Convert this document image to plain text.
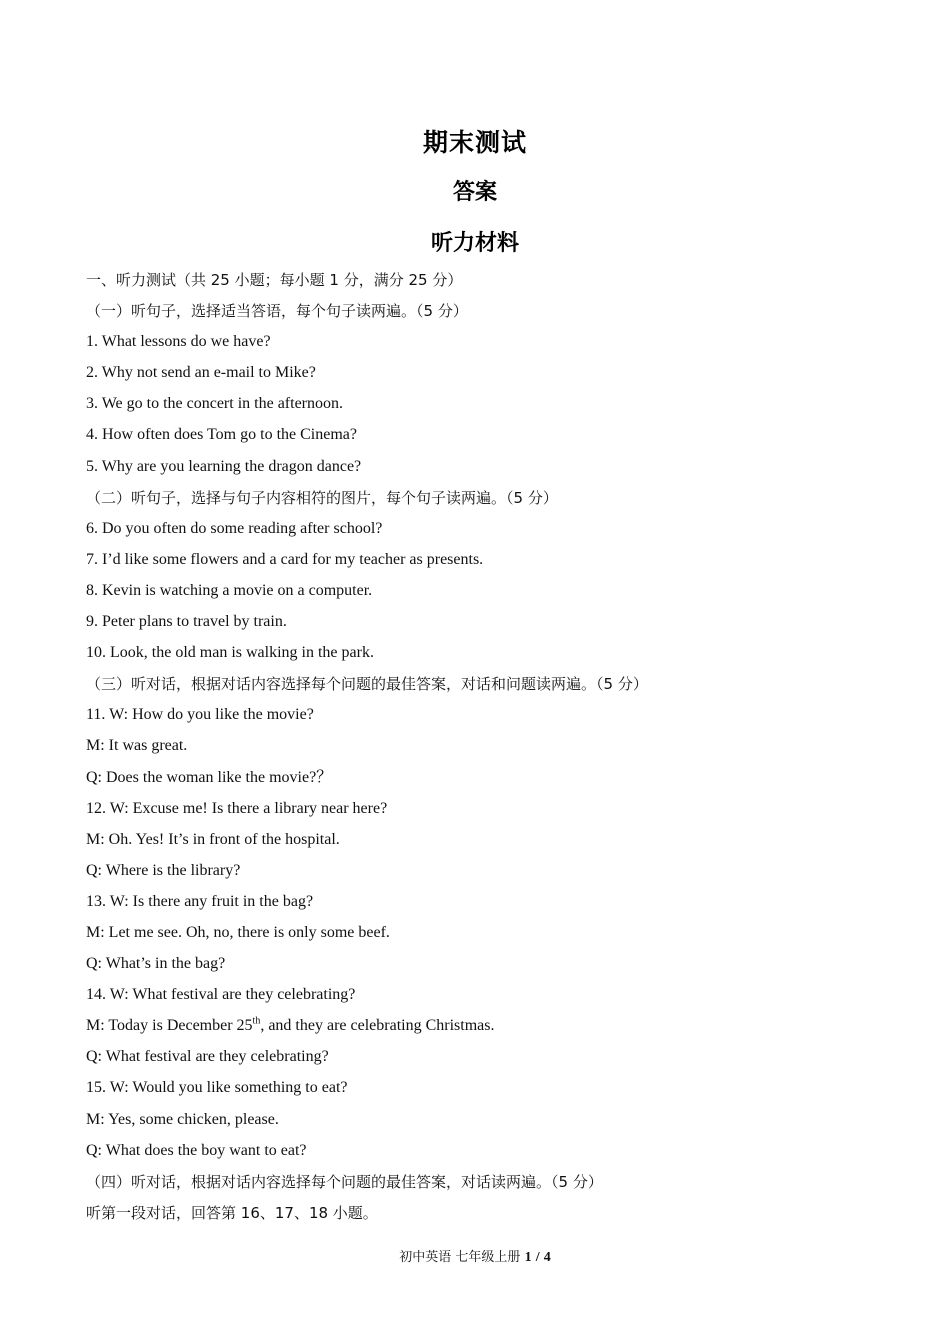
期末测试
答案
听力材料
一、听力测试（共 25 小题；每小题 1 分，满分 25 分）
（一）听句子，选择适当答语，每个句子读两遍。（5 分）
1. What lessons do we have?
2. Why not send an e-mail to Mike?
3. We go to the concert in the afternoon.
4. How often does Tom go to the Cinema?
5. Why are you learning the dragon dance?
（二）听句子，选择与句子内容相符的图片，每个句子读两遍。（5 分）
6. Do you often do some reading after school?
7. I’d like some flowers and a card for my teacher as presents.
8. Kevin is watching a movie on a computer.
9. Peter plans to travel by train.
10. Look, the old man is walking in the park.
（三）听对话，根据对话内容选择每个问题的最佳答案，对话和问题读两遍。（5 分）
11. W: How do you like the movie?
M: It was great.
Q: Does the woman like the movie?？
12. W: Excuse me! Is there a library near here?
M: Oh. Yes! It’s in front of the hospital.
Q: Where is the library?
13. W: Is there any fruit in the bag?
M: Let me see. Oh, no, there is only some beef.
Q: What’s in the bag?
14. W: What festival are they celebrating?
M: Today is December 25th, and they are celebrating Christmas.
Q: What festival are they celebrating?
15. W: Would you like something to eat?
M: Yes, some chicken, please.
Q: What does the boy want to eat?
（四）听对话，根据对话内容选择每个问题的最佳答案，对话读两遍。（5 分）
听第一段对话，回答第 16、17、18 小题。
初中英语 七年级上册 1 / 4
